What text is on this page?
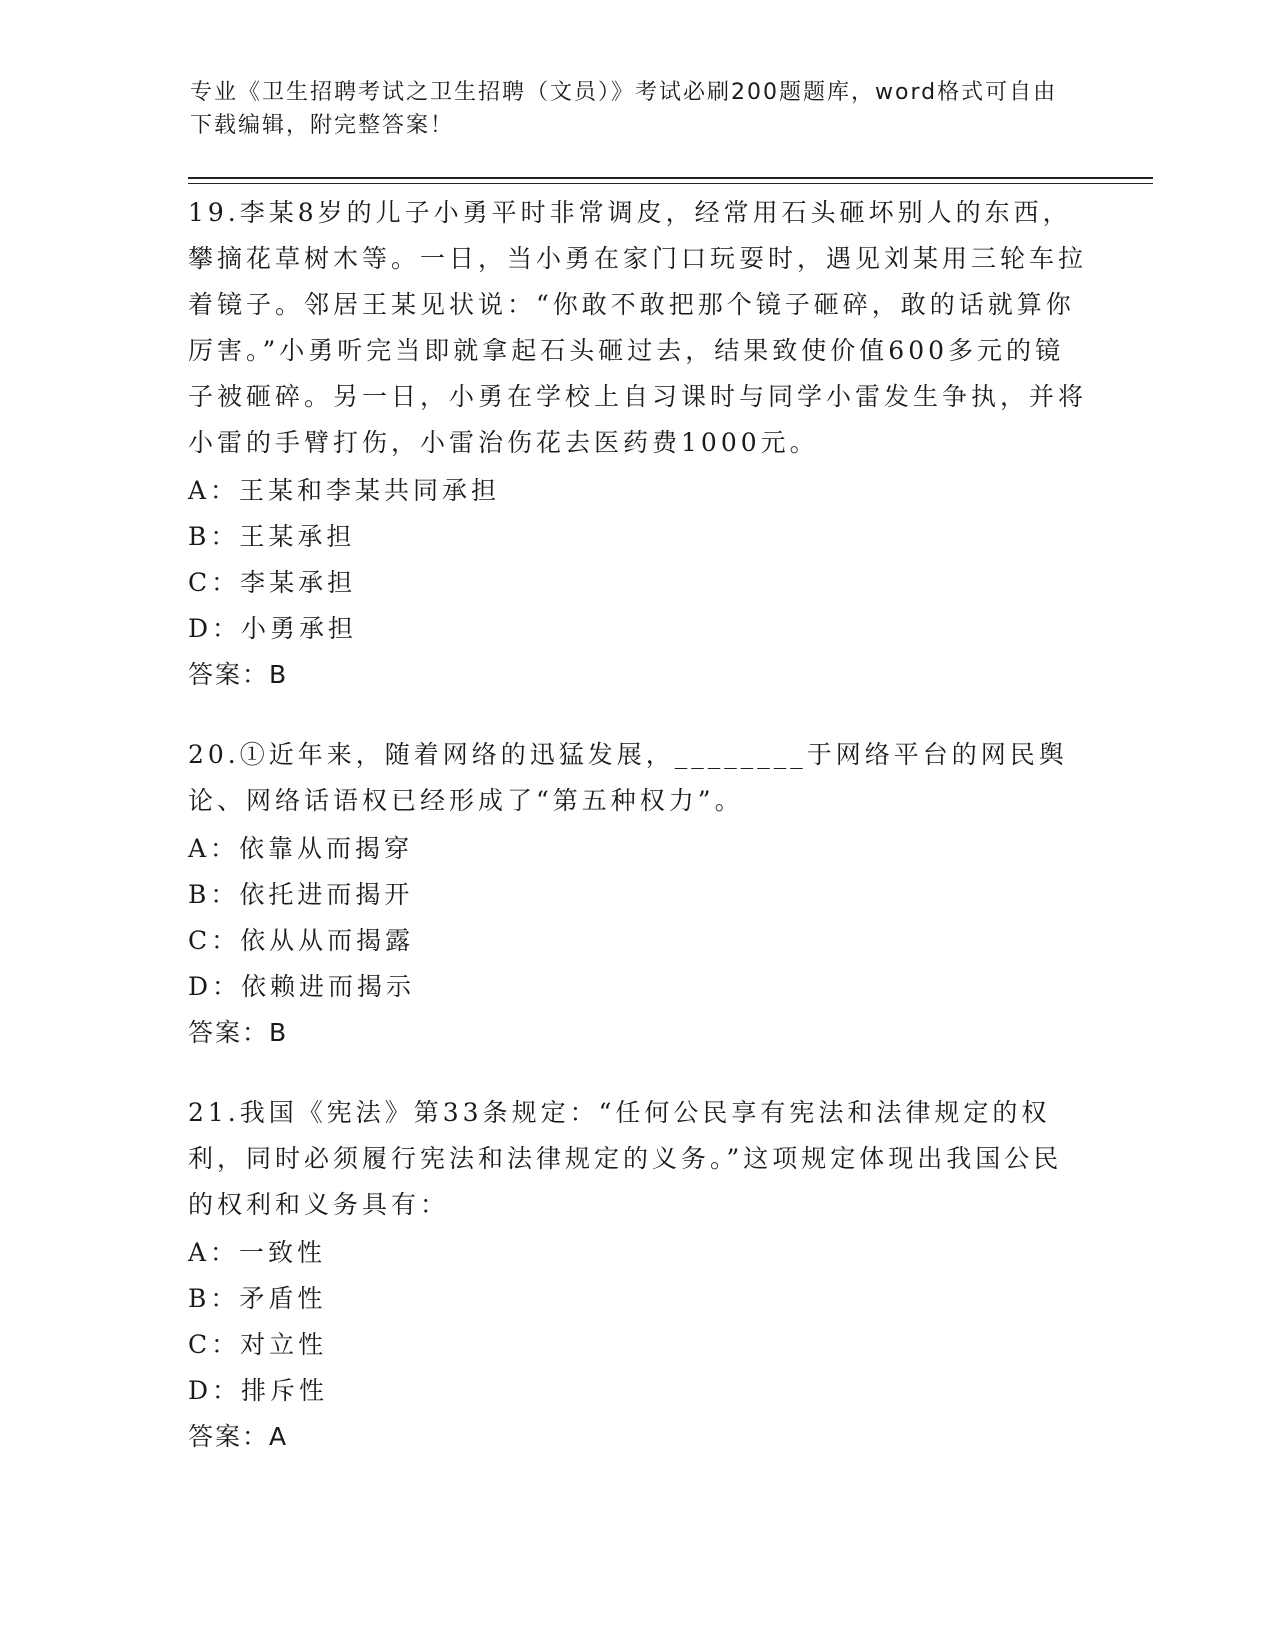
专业《卫生招聘考试之卫生招聘（文员）》考试必刷200题题库，word格式可自由下载编辑，附完整答案！
19.李某8岁的儿子小勇平时非常调皮，经常用石头砸坏别人的东西，攀摘花草树木等。一日，当小勇在家门口玩耍时，遇见刘某用三轮车拉着镜子。邻居王某见状说：“你敢不敢把那个镜子砸碎，敢的话就算你厉害。”小勇听完当即就拿起石头砸过去，结果致使价值600多元的镜子被砸碎。另一日，小勇在学校上自习课时与同学小雷发生争执，并将小雷的手臂打伤，小雷治伤花去医药费1000元。
A：王某和李某共同承担
B：王某承担
C：李某承担
D：小勇承担
答案：B
20.①近年来，随着网络的迅猛发展，________于网络平台的网民舆论、网络话语权已经形成了“第五种权力”。
A：依靠从而揭穿
B：依托进而揭开
C：依从从而揭露
D：依赖进而揭示
答案：B
21.我国《宪法》第33条规定：“任何公民享有宪法和法律规定的权利，同时必须履行宪法和法律规定的义务。”这项规定体现出我国公民的权利和义务具有：
A：一致性
B：矛盾性
C：对立性
D：排斥性
答案：A
